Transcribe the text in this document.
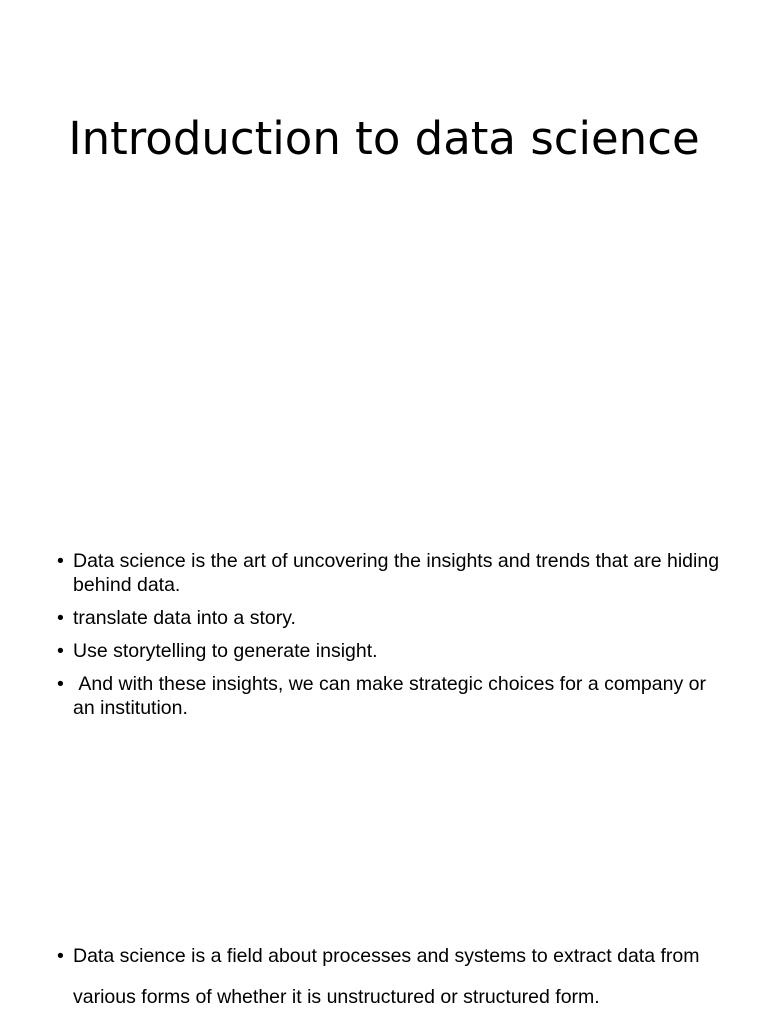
Introduction to data science
• Data science is the art of uncovering the insights and trends that are hiding behind data.
• translate data into a story.
• Use storytelling to generate insight.
• And with these insights, we can make strategic choices for a company or an institution.
• Data science is a field about processes and systems to extract data from various forms of whether it is unstructured or structured form.
